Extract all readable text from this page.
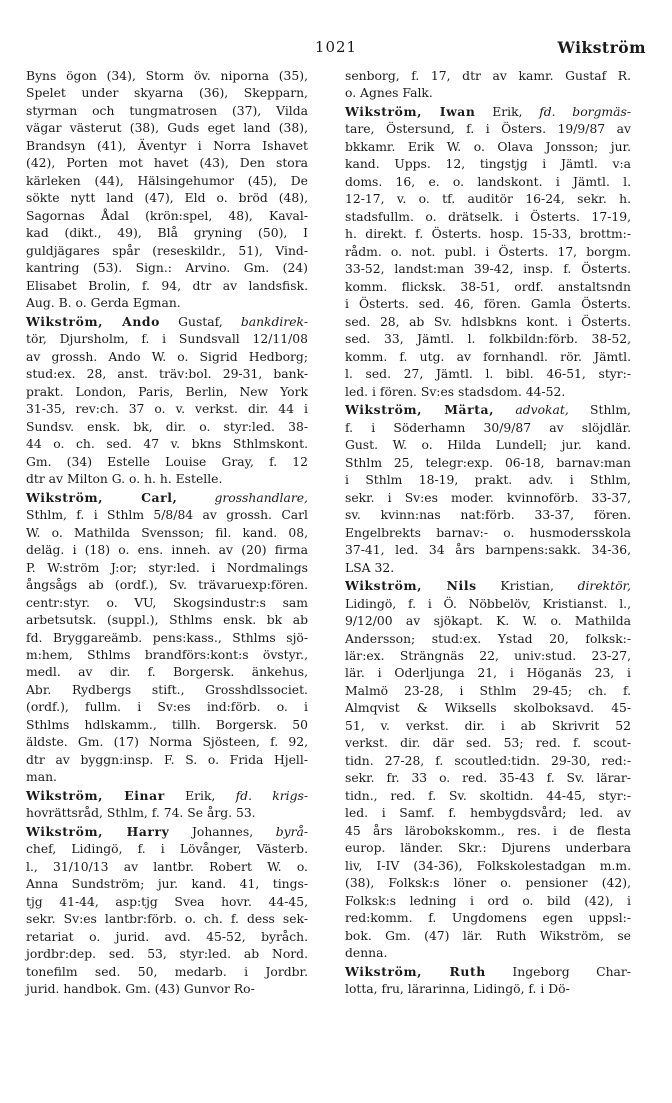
1021	Wikström

Byns ögon (34), Storm öv. niporna (35),
Spelet under skyarna (36), Skepparn,
styrman och tungmatrosen (37), Vilda
vägar västerut (38), Guds eget land (38),
Brandsyn (41), Äventyr i Norra Ishavet
(42), Porten mot havet (43), Den stora
kärleken (44), Hälsingehumor (45), De
sökte nytt land (47), Eld o. bröd (48),
Sagornas Ådal (krön:spel, 48), Kaval-
kad (dikt., 49), Blå gryning (50), I
guldjägares spår (reseskildr., 51), Vind-
kantring (53). Sign.: Arvino. Gm. (24)
Elisabet Brolin, f. 94, dtr av landsfisk.
Aug. B. o. Gerda Egman.

Wikström, Ando Gustaf, bankdirek-
tör, Djursholm, f. i Sundsvall 12/11/08
av grossh. Ando W. o. Sigrid Hedborg;
stud:ex. 28, anst. träv:bol. 29-31, bank-
prakt. London, Paris, Berlin, New York
31-35, rev:ch. 37 o. v. verkst. dir. 44 i
Sundsv. ensk. bk, dir. o. styr:led. 38-
44 o. ch. sed. 47 v. bkns Sthlmskont.
Gm. (34) Estelle Louise Gray, f. 12
dtr av Milton G. o. h. h. Estelle.

Wikström, Carl,	grosshandlare,
Sthlm, f. i Sthlm 5/8/84 av grossh. Carl
W. o. Mathilda Svensson; fil. kand. 08,
deläg. i (18) o. ens. inneh. av (20) firma
P. W:ström J:or; styr:led. i Nordmalings
ångsågs ab (ordf.), Sv. trävaruexp:fören.
centr:styr. o. VU, Skogsindustr:s sam
arbetsutsk. (suppl.), Sthlms ensk. bk ab
fd. Bryggareämb. pens:kass., Sthlms sjö-
m:hem, Sthlms brandförs:kont:s övstyr.,
medl. av dir. f. Borgersk. änkehus,
Abr. Rydbergs stift., Grosshdlssociet.
(ordf.), fullm. i Sv:es ind:förb. o. i
Sthlms hdlskamm., tillh. Borgersk. 50
äldste. Gm. (17) Norma Sjösteen, f. 92,
dtr av byggn:insp. F. S. o. Frida Hjell-
man.

Wikström, Einar Erik, fd. krigs-
hovrättsråd, Sthlm, f. 74. Se årg. 53.

Wikström, Harry Johannes, byrå-
chef, Lidingö, f. i Lövånger, Västerb.
l., 31/10/13 av lantbr. Robert W. o.
Anna Sundström; jur. kand. 41, tings-
tjg 41-44, asp:tjg Svea hovr. 44-45,
sekr. Sv:es lantbr:förb. o. ch. f. dess sek-
retariat o. jurid. avd. 45-52, byråch.
jordbr:dep. sed. 53, styr:led. ab Nord.
tonefilm sed. 50, medarb. i Jordbr.
jurid. handbok. Gm. (43) Gunvor Ro-

senborg, f. 17, dtr av kamr. Gustaf R.
o. Agnes Falk.

Wikström, Iwan Erik, fd. borgmäs-
tare, Östersund, f. i Östers. 19/9/87 av
bkkamr. Erik W. o. Olava Jonsson; jur.
kand. Upps. 12, tingstjg i Jämtl. v:a
doms. 16, e. o. landskont. i Jämtl. l.
12-17, v. o. tf. auditör 16-24, sekr. h.
stadsfullm. o. drätselk. i Österts. 17-19,
h. direkt. f. Österts. hosp. 15-33, brottm:-
rådm. o. not. publ. i Österts. 17, borgm.
33-52, landst:man 39-42, insp. f. Österts.
komm. flicksk. 38-51, ordf. anstaltsndn
i Österts. sed. 46, fören. Gamla Österts.
sed. 28, ab Sv. hdlsbkns kont. i Österts.
sed. 33, Jämtl. l. folkbildn:förb. 38-52,
komm. f. utg. av fornhandl. rör. Jämtl.
l. sed. 27, Jämtl. l. bibl. 46-51, styr:-
led. i fören. Sv:es stadsdom. 44-52.

Wikström, Märta, advokat, Sthlm,
f. i Söderhamn 30/9/87 av slöjdlär.
Gust. W. o. Hilda Lundell; jur. kand.
Sthlm 25, telegr:exp. 06-18, barnav:man
i Sthlm 18-19, prakt. adv. i Sthlm,
sekr. i Sv:es moder. kvinnoförb. 33-37,
sv. kvinn:nas nat:förb. 33-37, fören.
Engelbrekts barnav:- o. husmodersskola
37-41, led. 34 års barnpens:sakk. 34-36,
LSA 32.

Wikström, Nils Kristian, direktör,
Lidingö, f. i Ö. Nöbbelöv, Kristianst. l.,
9/12/00 av sjökapt. K. W. o. Mathilda
Andersson; stud:ex. Ystad 20, folksk:-
lär:ex. Strängnäs 22, univ:stud. 23-27,
lär. i Oderljunga 21, i Höganäs 23, i
Malmö 23-28, i Sthlm 29-45; ch. f.
Almqvist & Wiksells skolboksavd. 45-
51, v. verkst. dir. i ab Skrivrit 52
verkst. dir. där sed. 53; red. f. scout-
tidn. 27-28, f. scoutled:tidn. 29-30, red:-
sekr. fr. 33 o. red. 35-43 f. Sv. lärar-
tidn., red. f. Sv. skoltidn. 44-45, styr:-
led. i Samf. f. hembygdsvård; led. av
45 års lärobokskomm., res. i de flesta
europ. länder. Skr.: Djurens underbara
liv, I-IV (34-36), Folkskolestadgan m.m.
(38), Folksk:s löner o. pensioner (42),
Folksk:s ledning i ord o. bild (42), i
red:komm. f. Ungdomens egen uppsl:-
bok. Gm. (47) lär. Ruth Wikström, se
denna.

Wikström, Ruth Ingeborg Char-
lotta, fru, lärarinna, Lidingö, f. i Dö-
